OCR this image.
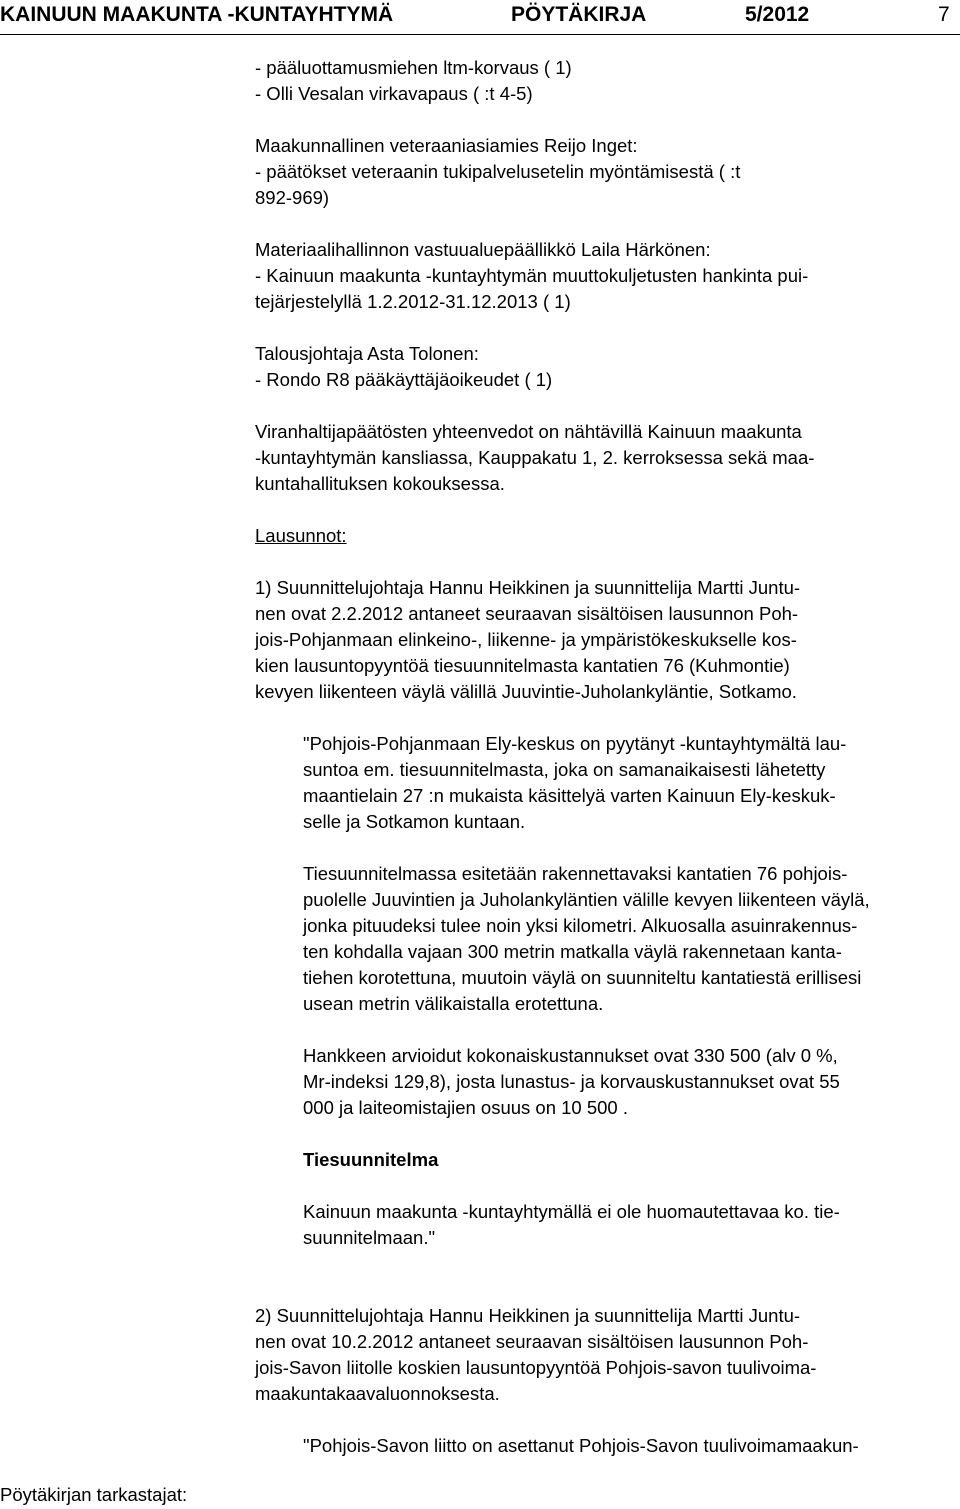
KAINUUN MAAKUNTA -KUNTAYHTYMÄ	PÖYTÄKIRJA	5/2012	7
- pääluottamusmiehen ltm-korvaus ( 1)
- Olli Vesalan virkavapaus ( :t 4-5)
Maakunnallinen veteraaniasiamies Reijo Inget:
- päätökset veteraanin tukipalvelusetelin myöntämisestä ( :t
892-969)
Materiaalihallinnon vastuualuepäällikkö Laila Härkönen:
- Kainuun maakunta -kuntayhtymän muuttokuljetusten hankinta pui-
tejärjestelyllä 1.2.2012-31.12.2013 ( 1)
Talousjohtaja Asta Tolonen:
- Rondo R8 pääkäyttäjäoikeudet ( 1)
Viranhaltijapäätösten yhteenvedot on nähtävillä Kainuun maakunta
-kuntayhtymän kansliassa, Kauppakatu 1, 2. kerroksessa sekä maa-
kuntahallituksen kokouksessa.
Lausunnot:
1) Suunnittelujohtaja Hannu Heikkinen ja suunnittelija Martti Juntu-
nen ovat 2.2.2012 antaneet seuraavan sisältöisen lausunnon Poh-
jois-Pohjanmaan elinkeino-, liikenne- ja ympäristökeskukselle kos-
kien lausuntopyyntöä tiesuunnitelmasta kantatien 76 (Kuhmontie)
kevyen liikenteen väylä välillä Juuvintie-Juholankyläntie, Sotkamo.
"Pohjois-Pohjanmaan Ely-keskus on pyytänyt -kuntayhtymältä lau-
suntoa em. tiesuunnitelmasta, joka on samanaikaisesti lähetetty
maantielain 27 :n mukaista käsittelyä varten Kainuun Ely-keskuk-
selle ja Sotkamon kuntaan.
Tiesuunnitelmassa esitetään rakennettavaksi kantatien 76 pohjois-
puolelle Juuvintien ja Juholankyläntien välille kevyen liikenteen väylä,
jonka pituudeksi tulee noin yksi kilometri. Alkuosalla asuinrakennus-
ten kohdalla vajaan 300 metrin matkalla väylä rakennetaan kanta-
tiehen korotettuna, muutoin väylä on suunniteltu kantatiestä erillisesi
usean metrin välikaistalla erotettuna.
Hankkeen arvioidut kokonaiskustannukset ovat 330 500 (alv 0 %,
Mr-indeksi 129,8), josta lunastus- ja korvauskustannukset ovat 55
000 ja laiteomistajien osuus on 10 500 .
Tiesuunnitelma
Kainuun maakunta -kuntayhtymällä ei ole huomautettavaa ko. tie-
suunnitelmaan."
2) Suunnittelujohtaja Hannu Heikkinen ja suunnittelija Martti Juntu-
nen ovat 10.2.2012 antaneet seuraavan sisältöisen lausunnon Poh-
jois-Savon liitolle koskien lausuntopyyntöä Pohjois-savon tuulivoima-
maakuntakaavaluonnoksesta.
"Pohjois-Savon liitto on asettanut Pohjois-Savon tuulivoimamaakun-
Pöytäkirjan tarkastajat:
